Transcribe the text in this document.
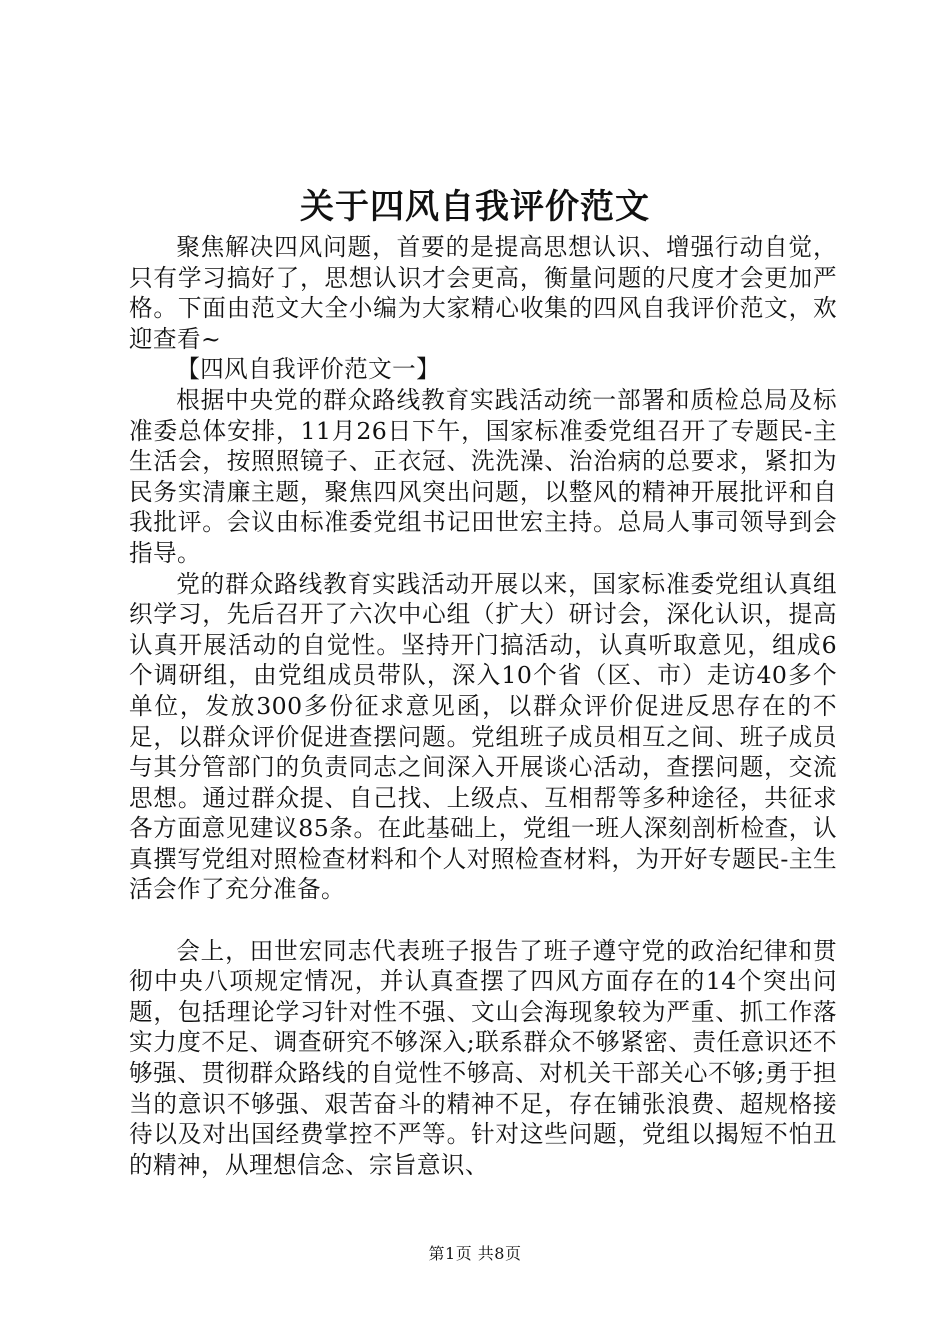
关于四风自我评价范文

聚焦解决四风问题，首要的是提高思想认识、增强行动自觉，只有学习搞好了，思想认识才会更高，衡量问题的尺度才会更加严格。下面由范文大全小编为大家精心收集的四风自我评价范文，欢迎查看~

【四风自我评价范文一】

根据中央党的群众路线教育实践活动统一部署和质检总局及标准委总体安排，11月26日下午，国家标准委党组召开了专题民-主生活会，按照照镜子、正衣冠、洗洗澡、治治病的总要求，紧扣为民务实清廉主题，聚焦四风突出问题，以整风的精神开展批评和自我批评。会议由标准委党组书记田世宏主持。总局人事司领导到会指导。

党的群众路线教育实践活动开展以来，国家标准委党组认真组织学习，先后召开了六次中心组（扩大）研讨会，深化认识，提高认真开展活动的自觉性。坚持开门搞活动，认真听取意见，组成6个调研组，由党组成员带队，深入10个省（区、市）走访40多个单位，发放300多份征求意见函，以群众评价促进反思存在的不足，以群众评价促进查摆问题。党组班子成员相互之间、班子成员与其分管部门的负责同志之间深入开展谈心活动，查摆问题，交流思想。通过群众提、自己找、上级点、互相帮等多种途径，共征求各方面意见建议85条。在此基础上，党组一班人深刻剖析检查，认真撰写党组对照检查材料和个人对照检查材料，为开好专题民-主生活会作了充分准备。

会上，田世宏同志代表班子报告了班子遵守党的政治纪律和贯彻中央八项规定情况，并认真查摆了四风方面存在的14个突出问题，包括理论学习针对性不强、文山会海现象较为严重、抓工作落实力度不足、调查研究不够深入;联系群众不够紧密、责任意识还不够强、贯彻群众路线的自觉性不够高、对机关干部关心不够;勇于担当的意识不够强、艰苦奋斗的精神不足，存在铺张浪费、超规格接待以及对出国经费掌控不严等。针对这些问题，党组以揭短不怕丑的精神，从理想信念、宗旨意识、

第1页 共8页
